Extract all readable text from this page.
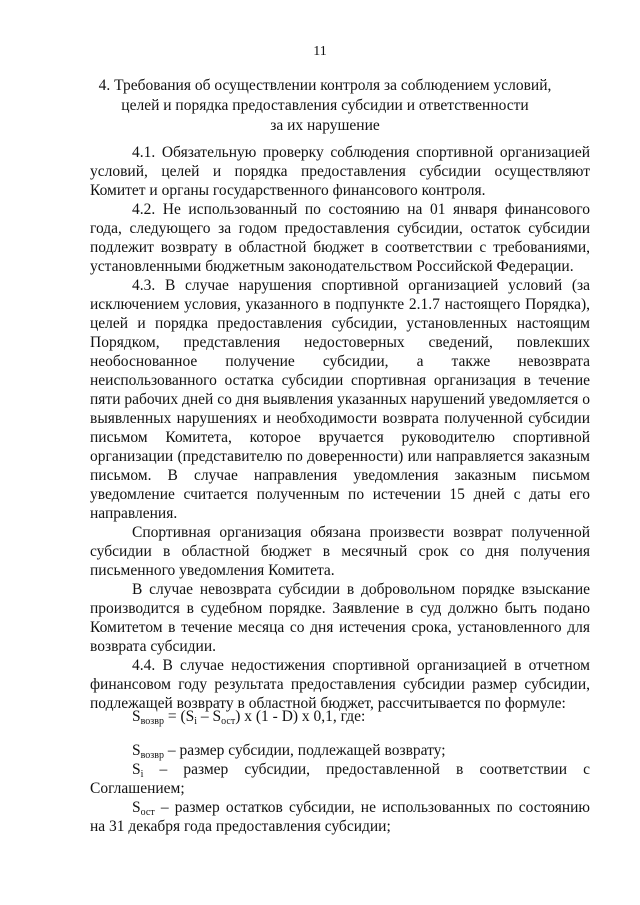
11
4. Требования об осуществлении контроля за соблюдением условий,
целей и порядка предоставления субсидии и ответственности
за их нарушение

4.1. Обязательную проверку соблюдения спортивной организацией условий, целей и порядка предоставления субсидии осуществляют Комитет и органы государственного финансового контроля.

4.2. Не использованный по состоянию на 01 января финансового года, следующего за годом предоставления субсидии, остаток субсидии подлежит возврату в областной бюджет в соответствии с требованиями, установленными бюджетным законодательством Российской Федерации.

4.3. В случае нарушения спортивной организацией условий (за исключением условия, указанного в подпункте 2.1.7 настоящего Порядка), целей и порядка предоставления субсидии, установленных настоящим Порядком, представления недостоверных сведений, повлекших необоснованное получение субсидии, а также невозврата неиспользованного остатка субсидии спортивная организация в течение пяти рабочих дней со дня выявления указанных нарушений уведомляется о выявленных нарушениях и необходимости возврата полученной субсидии письмом Комитета, которое вручается руководителю спортивной организации (представителю по доверенности) или направляется заказным письмом. В случае направления уведомления заказным письмом уведомление считается полученным по истечении 15 дней с даты его направления.

Спортивная организация обязана произвести возврат полученной субсидии в областной бюджет в месячный срок со дня получения письменного уведомления Комитета.

В случае невозврата субсидии в добровольном порядке взыскание производится в судебном порядке. Заявление в суд должно быть подано Комитетом в течение месяца со дня истечения срока, установленного для возврата субсидии.

4.4. В случае недостижения спортивной организацией в отчетном финансовом году результата предоставления субсидии размер субсидии, подлежащей возврату в областной бюджет, рассчитывается по формуле:

$S_{возвр} = (S_i - S_{ост})$ x (1 - D) x 0,1, где:

$S_{возвр}$ – размер субсидии, подлежащей возврату;

$S_i$ – размер субсидии, предоставленной в соответствии с Соглашением;

$S_{ост}$ – размер остатков субсидии, не использованных по состоянию на 31 декабря года предоставления субсидии;
